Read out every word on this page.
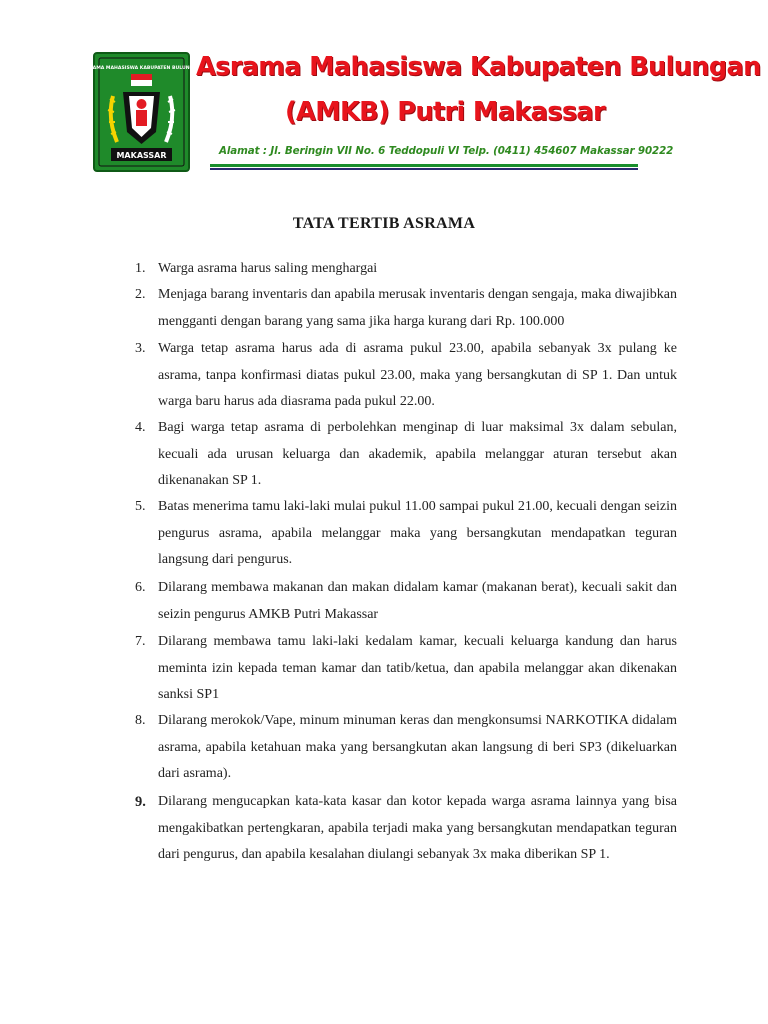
ASRAMA MAHASISWA KABUPATEN BULUNGAN
MAKASSAR
Asrama Mahasiswa Kabupaten Bulungan
(AMKB) Putri Makassar
Alamat : Jl. Beringin VII No. 6 Teddopuli VI Telp. (0411) 454607 Makassar 90222
TATA TERTIB ASRAMA
1. Warga asrama harus saling menghargai
2. Menjaga barang inventaris dan apabila merusak inventaris dengan sengaja, maka diwajibkan mengganti dengan barang yang sama jika harga kurang dari Rp. 100.000
3. Warga tetap asrama harus ada di asrama pukul 23.00, apabila sebanyak 3x pulang ke asrama, tanpa konfirmasi diatas pukul 23.00, maka yang bersangkutan di SP 1. Dan untuk warga baru harus ada diasrama pada pukul 22.00.
4. Bagi warga tetap asrama di perbolehkan menginap di luar maksimal 3x dalam sebulan, kecuali ada urusan keluarga dan akademik, apabila melanggar aturan tersebut akan dikenanakan SP 1.
5. Batas menerima tamu laki-laki mulai pukul 11.00 sampai pukul 21.00, kecuali dengan seizin pengurus asrama, apabila melanggar maka yang bersangkutan mendapatkan teguran langsung dari pengurus.
6. Dilarang membawa makanan dan makan didalam kamar (makanan berat), kecuali sakit dan seizin pengurus AMKB Putri Makassar
7. Dilarang membawa tamu laki-laki kedalam kamar, kecuali keluarga kandung dan harus meminta izin kepada teman kamar dan tatib/ketua, dan apabila melanggar akan dikenakan sanksi SP1
8. Dilarang merokok/Vape, minum minuman keras dan mengkonsumsi NARKOTIKA didalam asrama, apabila ketahuan maka yang bersangkutan akan langsung di beri SP3 (dikeluarkan dari asrama).
9. Dilarang mengucapkan kata-kata kasar dan kotor kepada warga asrama lainnya yang bisa mengakibatkan pertengkaran, apabila terjadi maka yang bersangkutan mendapatkan teguran dari pengurus, dan apabila kesalahan diulangi sebanyak 3x maka diberikan SP 1.
